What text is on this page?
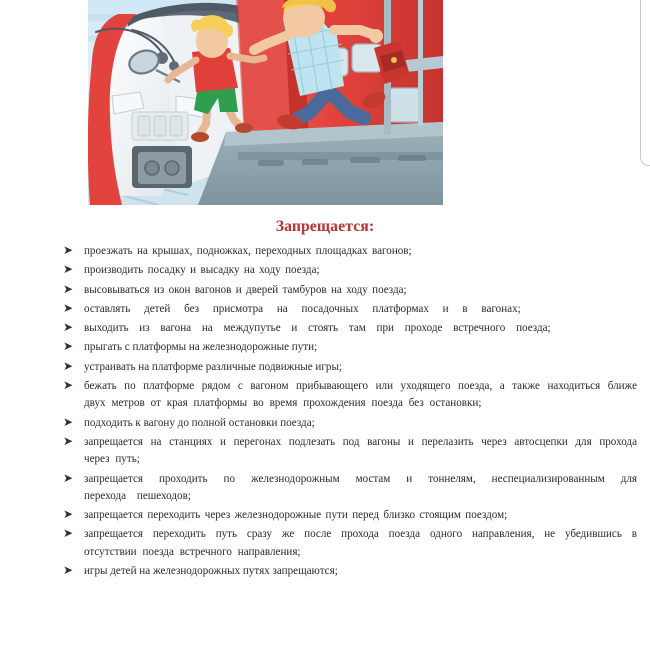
Запрещается:
➤ проезжать на крышах, подножках, переходных площадках вагонов;
➤ производить посадку и высадку на ходу поезда;
➤ высовываться из окон вагонов и дверей тамбуров на ходу поезда;
➤ оставлять детей без присмотра на посадочных платформах и в вагонах;
➤ выходить из вагона на междупутье и стоять там при проходе встречного поезда;
➤ прыгать с платформы на железнодорожные пути;
➤ устраивать на платформе различные подвижные игры;
➤ бежать по платформе рядом с вагоном прибывающего или уходящего поезда, а также находиться ближе двух метров от края платформы во время прохождения поезда без остановки;
➤ подходить к вагону до полной остановки поезда;
➤ запрещается на станциях и перегонах подлезать под вагоны и перелазить через автосцепки для прохода через путь;
➤ запрещается проходить по железнодорожным мостам и тоннелям, неспециализированным для перехода пешеходов;
➤ запрещается переходить через железнодорожные пути перед близко стоящим поездом;
➤ запрещается переходить путь сразу же после прохода поезда одного направления, не убедившись в отсутствии поезда встречного направления;
➤ игры детей на железнодорожных путях запрещаются;
